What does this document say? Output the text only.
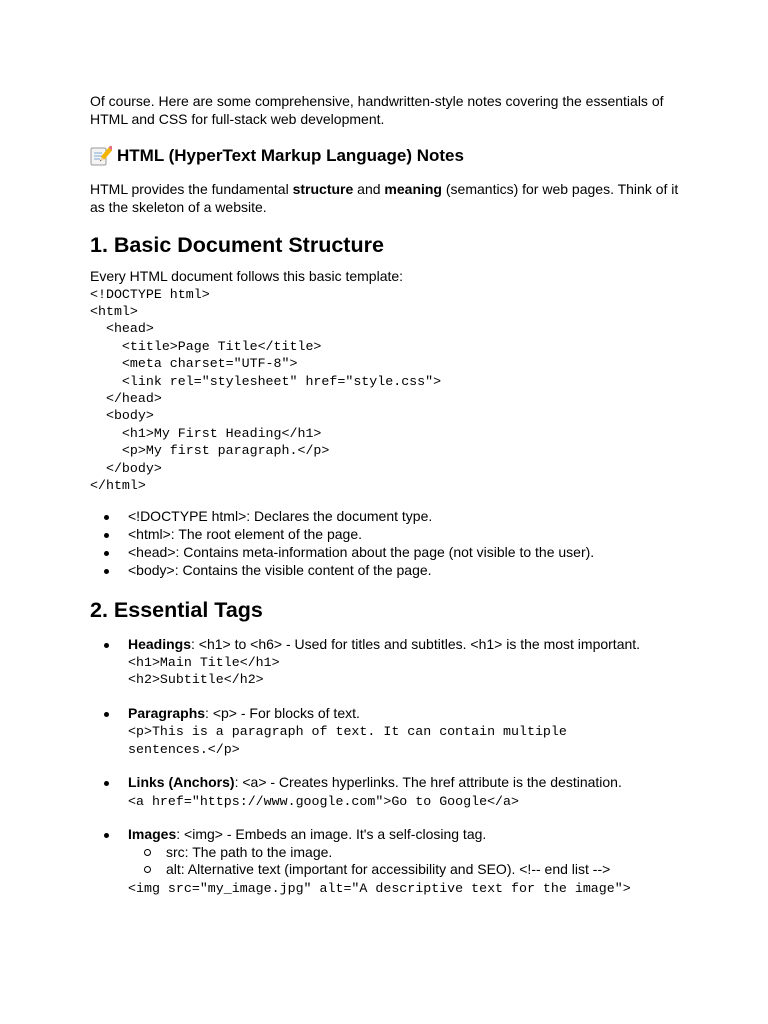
Of course. Here are some comprehensive, handwritten-style notes covering the essentials of HTML and CSS for full-stack web development.

HTML (HyperText Markup Language) Notes

HTML provides the fundamental structure and meaning (semantics) for web pages. Think of it as the skeleton of a website.

1. Basic Document Structure

Every HTML document follows this basic template:

<!DOCTYPE html>
<html>
<head>
<title>Page Title</title>
<meta charset="UTF-8">
<link rel="stylesheet" href="style.css">
</head>
<body>
<h1>My First Heading</h1>
<p>My first paragraph.</p>
</body>
</html>
<!DOCTYPE html>: Declares the document type.
<html>: The root element of the page.
<head>: Contains meta-information about the page (not visible to the user).
<body>: Contains the visible content of the page.
2. Essential Tags

Headings: <h1> to <h6> - Used for titles and subtitles. <h1> is the most important.

<h1>Main Title</h1>
<h2>Subtitle</h2>

Paragraphs: <p> - For blocks of text.

<p>This is a paragraph of text. It can contain multiple
sentences.</p>

Links (Anchors): <a> - Creates hyperlinks. The href attribute is the destination.

<a href="https://www.google.com">Go to Google</a>

Images: <img> - Embeds an image. It's a self-closing tag.

src: The path to the image.
alt: Alternative text (important for accessibility and SEO). <!-- end list -->
<img src="my_image.jpg" alt="A descriptive text for the image">
